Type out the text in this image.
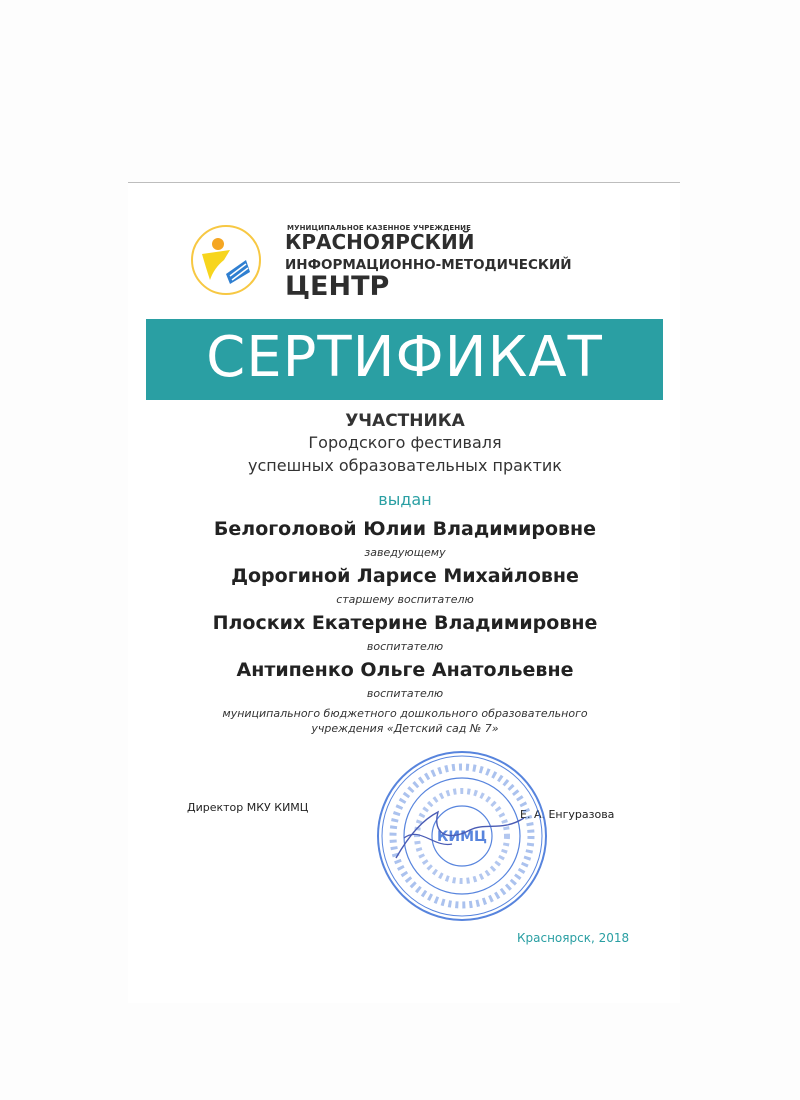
МУНИЦИПАЛЬНОЕ КАЗЕННОЕ УЧРЕЖДЕНИЕ
КРАСНОЯРСКИЙ
ИНФОРМАЦИОННО-МЕТОДИЧЕСКИЙ
ЦЕНТР
СЕРТИФИКАТ
УЧАСТНИКА
Городского фестиваля
успешных образовательных практик
выдан
Белоголовой Юлии Владимировне
заведующему
Дорогиной Ларисе Михайловне
старшему воспитателю
Плоских Екатерине Владимировне
воспитателю
Антипенко Ольге Анатольевне
воспитателю
муниципального бюджетного дошкольного образовательного
учреждения «Детский сад № 7»
Директор МКУ КИМЦ
Е. А. Енгуразова
КИМЦ
Красноярск, 2018
